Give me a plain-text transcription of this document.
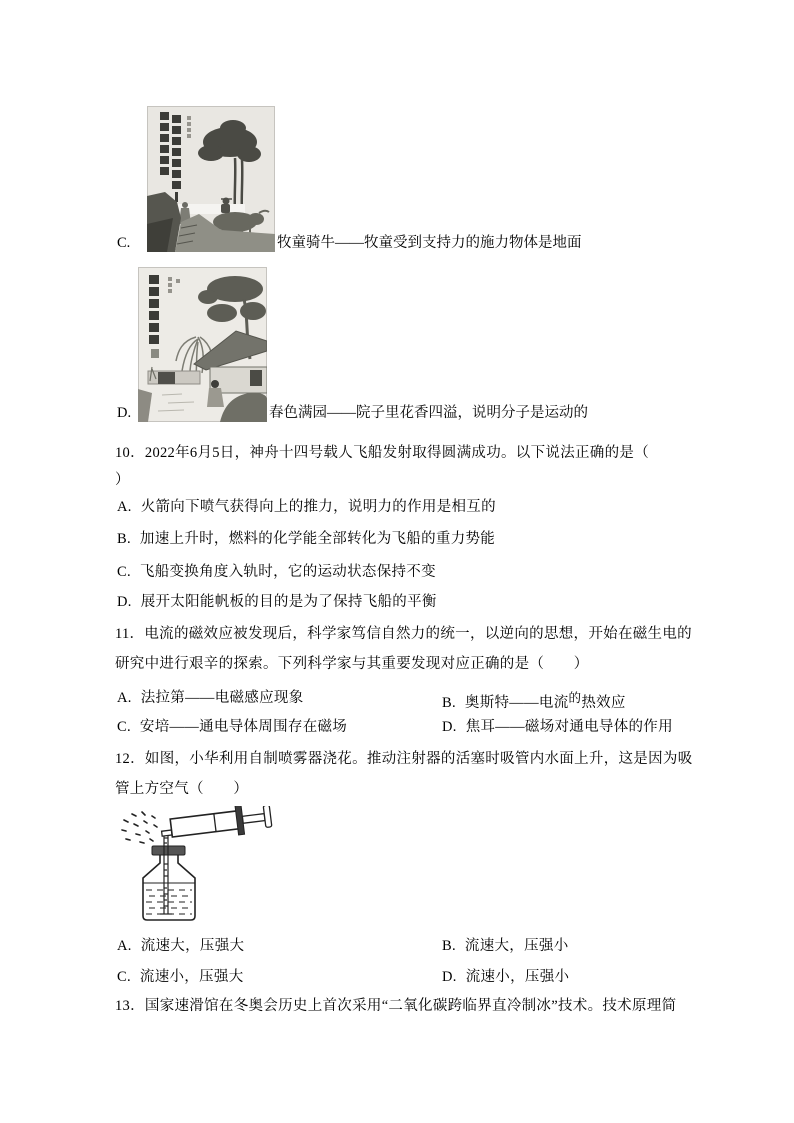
C.	牧童骑牛——牧童受到支持力的施力物体是地面
D.	春色满园——院子里花香四溢，说明分子是运动的
10．2022年6月5日，神舟十四号载人飞船发射取得圆满成功。以下说法正确的是（
）
A. 火箭向下喷气获得向上的推力，说明力的作用是相互的
B. 加速上升时，燃料的化学能全部转化为飞船的重力势能
C. 飞船变换角度入轨时，它的运动状态保持不变
D. 展开太阳能帆板的目的是为了保持飞船的平衡
11．电流的磁效应被发现后，科学家笃信自然力的统一，以逆向的思想，开始在磁生电的
研究中进行艰辛的探索。下列科学家与其重要发现对应正确的是（　　）
A. 法拉第——电磁感应现象	B. 奥斯特——电流的热效应
C. 安培——通电导体周围存在磁场	D. 焦耳——磁场对通电导体的作用
12．如图，小华利用自制喷雾器浇花。推动注射器的活塞时吸管内水面上升，这是因为吸
管上方空气（　　）
A. 流速大，压强大	B. 流速大，压强小
C. 流速小，压强大	D. 流速小，压强小
13．国家速滑馆在冬奥会历史上首次采用“二氧化碳跨临界直冷制冰”技术。技术原理简
